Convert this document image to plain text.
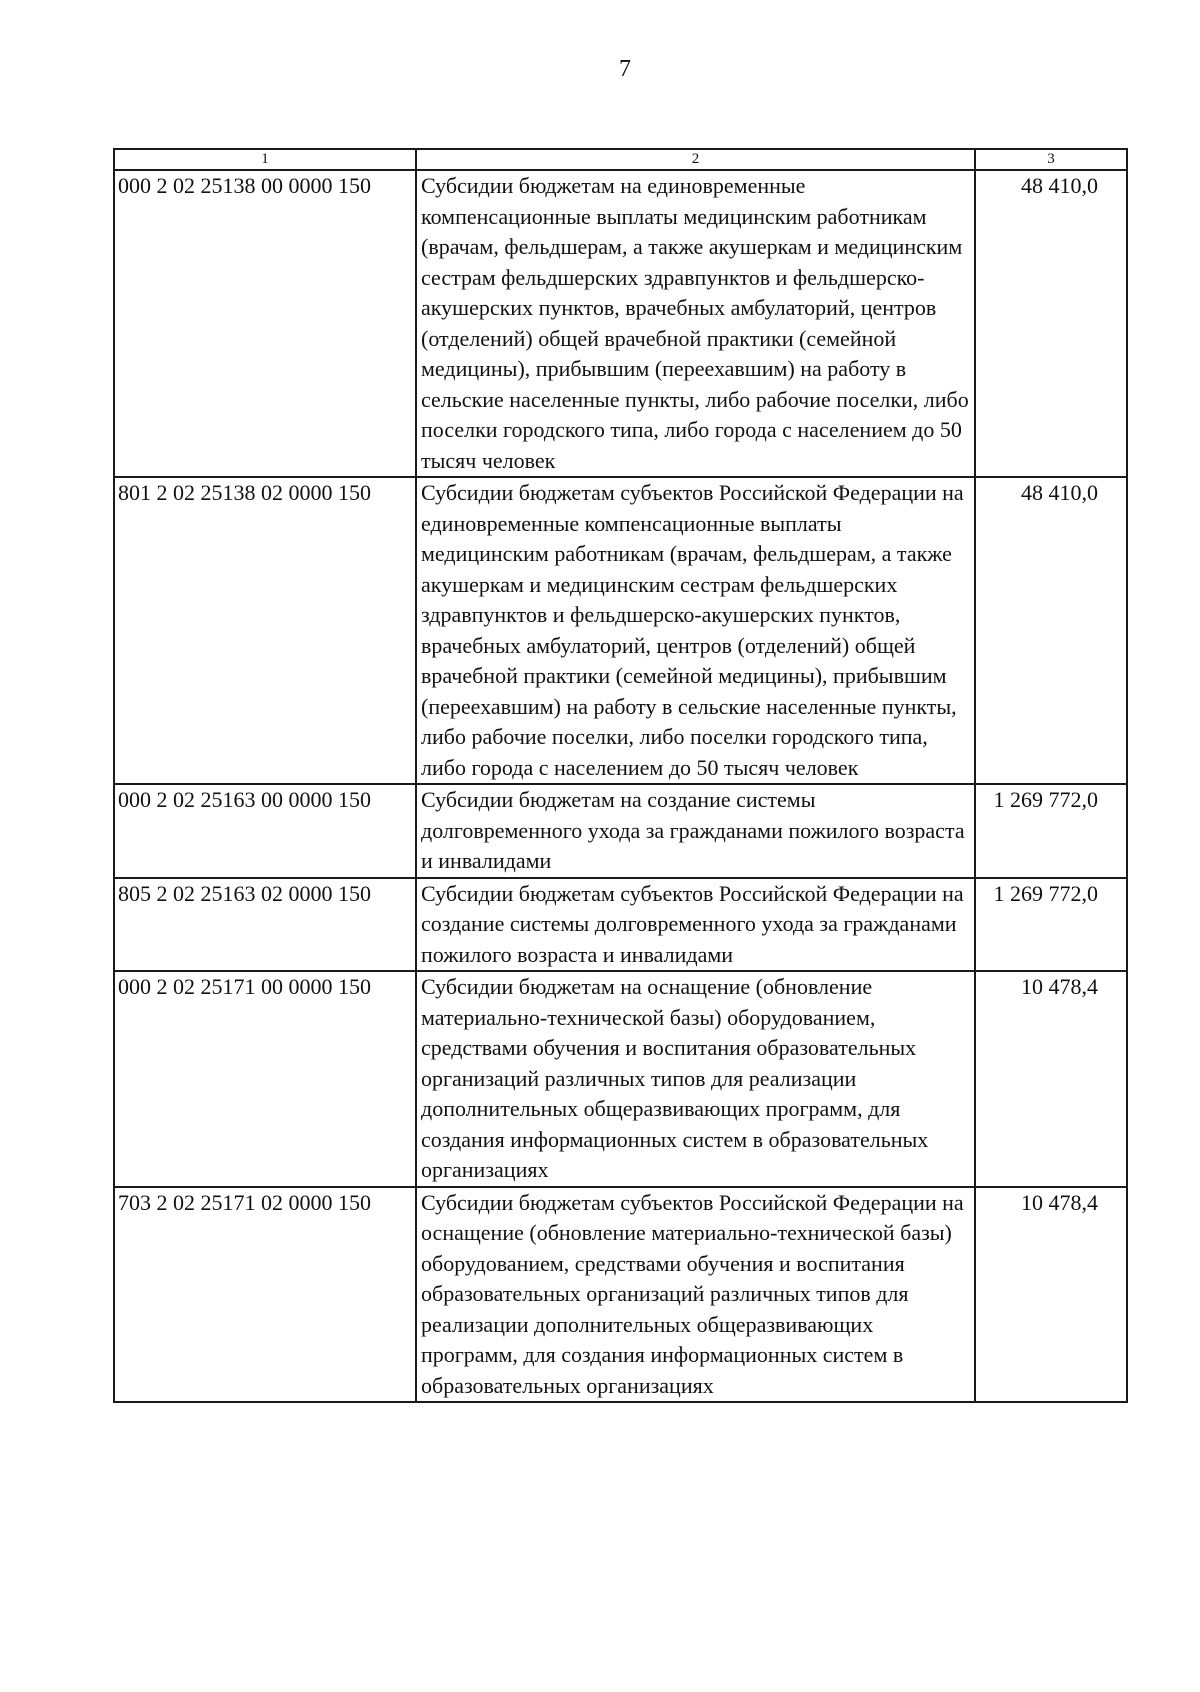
7
1	2	3
000 2 02 25138 00 0000 150	Субсидии бюджетам на единовременные компенсационные выплаты медицинским работникам (врачам, фельдшерам, а также акушеркам и медицинским сестрам фельдшерских здравпунктов и фельдшерско-акушерских пунктов, врачебных амбулаторий, центров (отделений) общей врачебной практики (семейной медицины), прибывшим (переехавшим) на работу в сельские населенные пункты, либо рабочие поселки, либо поселки городского типа, либо города с населением до 50 тысяч человек	48 410,0
801 2 02 25138 02 0000 150	Субсидии бюджетам субъектов Российской Федерации на единовременные компенсационные выплаты медицинским работникам (врачам, фельдшерам, а также акушеркам и медицинским сестрам фельдшерских здравпунктов и фельдшерско-акушерских пунктов, врачебных амбулаторий, центров (отделений) общей врачебной практики (семейной медицины), прибывшим (переехавшим) на работу в сельские населенные пункты, либо рабочие поселки, либо поселки городского типа, либо города с населением до 50 тысяч человек	48 410,0
000 2 02 25163 00 0000 150	Субсидии бюджетам на создание системы долговременного ухода за гражданами пожилого возраста и инвалидами	1 269 772,0
805 2 02 25163 02 0000 150	Субсидии бюджетам субъектов Российской Федерации на создание системы долговременного ухода за гражданами пожилого возраста и инвалидами	1 269 772,0
000 2 02 25171 00 0000 150	Субсидии бюджетам на оснащение (обновление материально-технической базы) оборудованием, средствами обучения и воспитания образовательных организаций различных типов для реализации дополнительных общеразвивающих программ, для создания информационных систем в образовательных организациях	10 478,4
703 2 02 25171 02 0000 150	Субсидии бюджетам субъектов Российской Федерации на оснащение (обновление материально-технической базы) оборудованием, средствами обучения и воспитания образовательных организаций различных типов для реализации дополнительных общеразвивающих программ, для создания информационных систем в образовательных организациях	10 478,4
